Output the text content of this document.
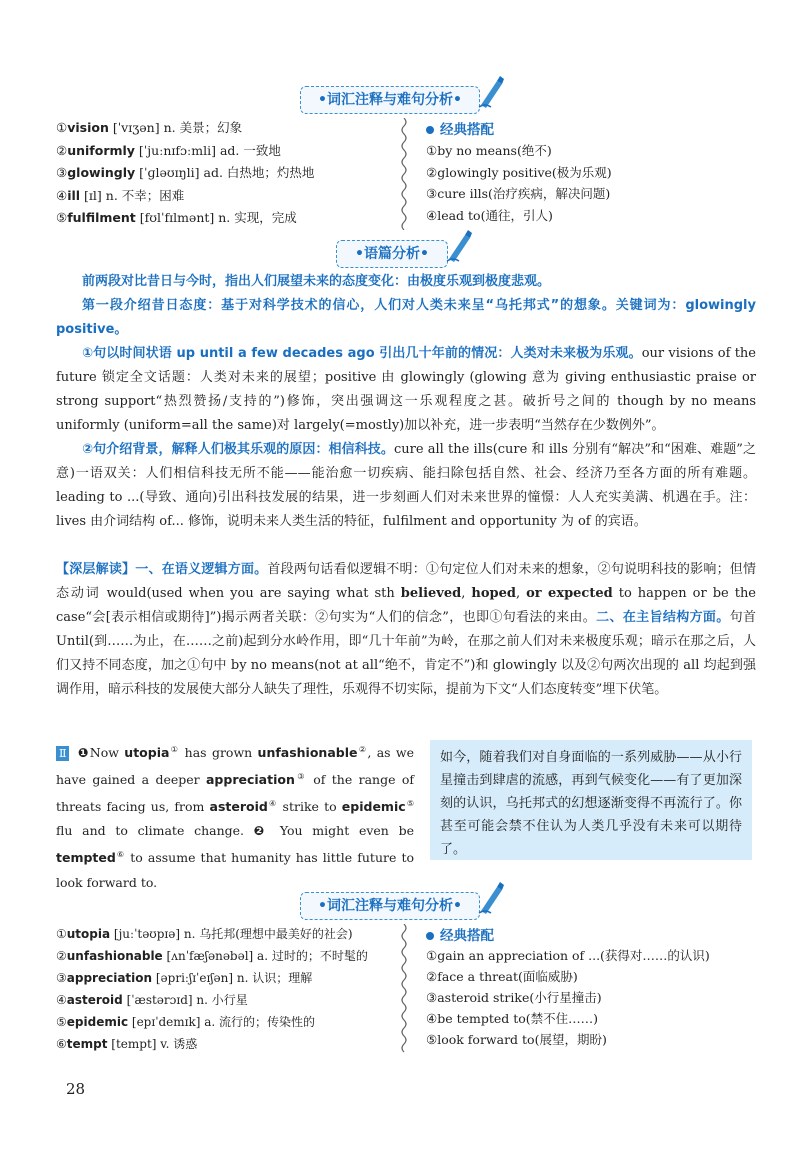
•词汇注释与难句分析•
①vision [ˈvɪʒən] n. 美景；幻象
②uniformly [ˈjuːnɪfɔːmli] ad. 一致地
③glowingly [ˈɡləʊɪŋli] ad. 白热地；灼热地
④ill [ɪl] n. 不幸；困难
⑤fulfilment [fʊlˈfɪlmənt] n. 实现，完成
经典搭配
①by no means(绝不)
②glowingly positive(极为乐观)
③cure ills(治疗疾病，解决问题)
④lead to(通往，引人)
•语篇分析•
前两段对比昔日与今时，指出人们展望未来的态度变化：由极度乐观到极度悲观。
第一段介绍昔日态度：基于对科学技术的信心，人们对人类未来呈“乌托邦式”的想象。关键词为：glowingly positive。
①句以时间状语 up until a few decades ago 引出几十年前的情况：人类对未来极为乐观。our visions of the future 锁定全文话题：人类对未来的展望；positive 由 glowingly (glowing 意为 giving enthusiastic praise or strong support“热烈赞扬/支持的”)修饰，突出强调这一乐观程度之甚。破折号之间的 though by no means uniformly (uniform=all the same)对 largely(=mostly)加以补充，进一步表明“当然存在少数例外”。
②句介绍背景，解释人们极其乐观的原因：相信科技。cure all the ills(cure 和 ills 分别有“解决”和“困难、难题”之意)一语双关：人们相信科技无所不能——能治愈一切疾病、能扫除包括自然、社会、经济乃至各方面的所有难题。leading to ...(导致、通向)引出科技发展的结果，进一步刻画人们对未来世界的憧憬：人人充实美满、机遇在手。注：lives 由介词结构 of... 修饰，说明未来人类生活的特征，fulfilment and opportunity 为 of 的宾语。
【深层解读】一、在语义逻辑方面。首段两句话看似逻辑不明：①句定位人们对未来的想象，②句说明科技的影响；但情态动词 would(used when you are saying what sth believed, hoped, or expected to happen or be the case“会[表示相信或期待]”)揭示两者关联：②句实为“人们的信念”，也即①句看法的来由。二、在主旨结构方面。句首 Until(到……为止，在……之前)起到分水岭作用，即“几十年前”为岭，在那之前人们对未来极度乐观；暗示在那之后，人们又持不同态度，加之①句中 by no means(not at all“绝不，肯定不”)和 glowingly 以及②句两次出现的 all 均起到强调作用，暗示科技的发展使大部分人缺失了理性，乐观得不切实际，提前为下文“人们态度转变”埋下伏笔。
Ⅱ ❶Now utopia① has grown unfashionable②, as we have gained a deeper appreciation③ of the range of threats facing us, from asteroid④ strike to epidemic⑤ flu and to climate change. ❷ You might even be tempted⑥ to assume that humanity has little future to look forward to.
如今，随着我们对自身面临的一系列威胁——从小行星撞击到肆虐的流感，再到气候变化——有了更加深刻的认识，乌托邦式的幻想逐渐变得不再流行了。你甚至可能会禁不住认为人类几乎没有未来可以期待了。
•词汇注释与难句分析•
①utopia [juːˈtəʊpɪə] n. 乌托邦(理想中最美好的社会)
②unfashionable [ʌnˈfæʃənəbəl] a. 过时的；不时髦的
③appreciation [əpriːʃɪˈeɪʃən] n. 认识；理解
④asteroid [ˈæstərɔɪd] n. 小行星
⑤epidemic [epɪˈdemɪk] a. 流行的；传染性的
⑥tempt [tempt] v. 诱惑
经典搭配
①gain an appreciation of ...(获得对……的认识)
②face a threat(面临威胁)
③asteroid strike(小行星撞击)
④be tempted to(禁不住……)
⑤look forward to(展望，期盼)
28
